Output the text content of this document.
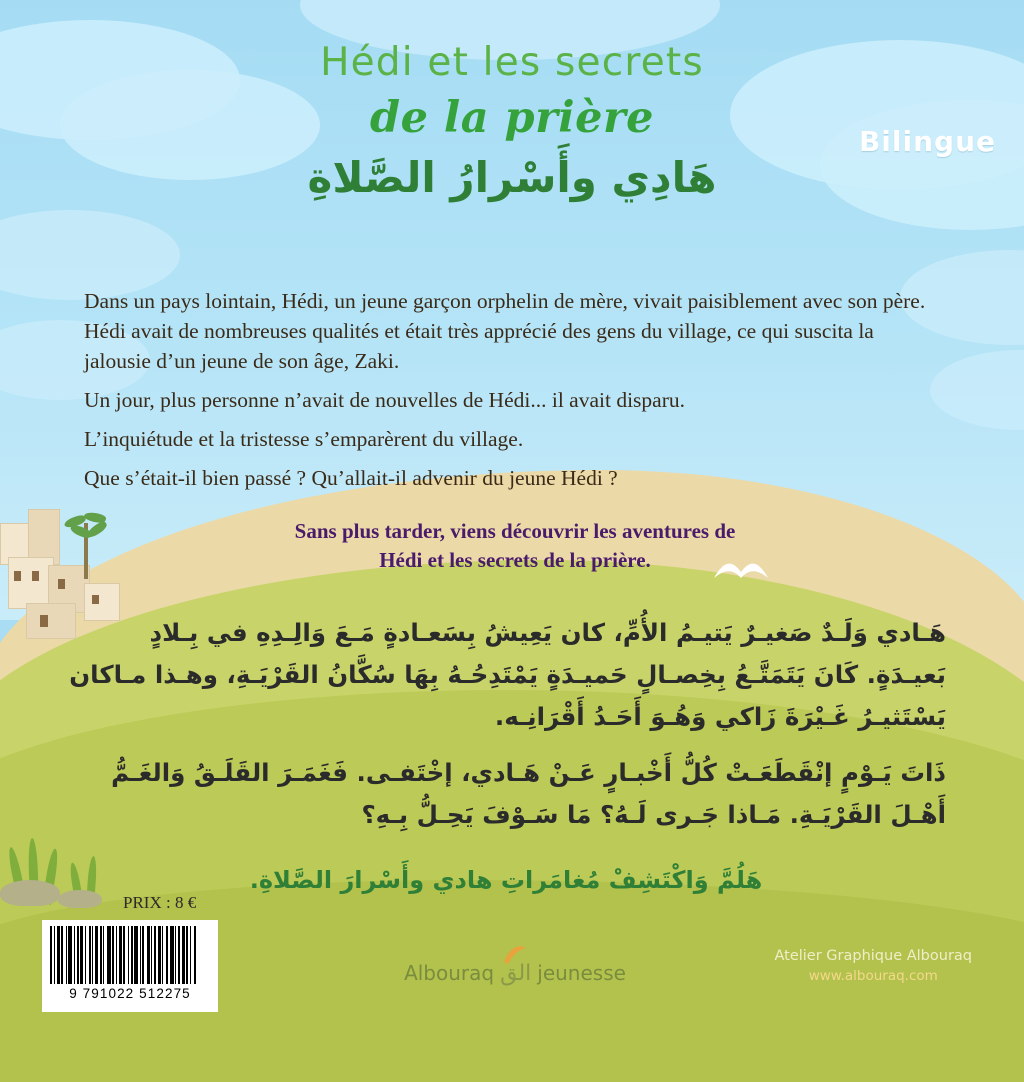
Hédi et les secrets
de la prière
هَادِي وأَسْرارُ الصَّلاةِ
Bilingue

Dans un pays lointain, Hédi, un jeune garçon orphelin de mère, vivait paisiblement avec son père. Hédi avait de nombreuses qualités et était très apprécié des gens du village, ce qui suscita la jalousie d’un jeune de son âge, Zaki.

Un jour, plus personne n’avait de nouvelles de Hédi... il avait disparu.

L’inquiétude et la tristesse s’emparèrent du village.

Que s’était-il bien passé ? Qu’allait-il advenir du jeune Hédi ?

Sans plus tarder, viens découvrir les aventures de
Hédi et les secrets de la prière.

هَـادي وَلَـدٌ صَغيـرٌ يَتيـمُ الأُمِّ، كان يَعِيشُ بِسَعـادةٍ مَـعَ وَالِـدِهِ في بِـلادٍ بَعيـدَةٍ. كَانَ يَتَمَتَّـعُ بِخِصـالٍ حَميـدَةٍ يَمْتَدِحُـهُ بِهَا سُكَّانُ القَرْيَـةِ، وهـذا مـاكان يَسْتَثيـرُ غَـيْرَةَ زَاكي وَهُـوَ أَحَـدُ أَقْرَانِـه.

ذَاتَ يَـوْمٍ إنْقَطَعَـتْ كُلُّ أَخْبـارٍ عَـنْ هَـادي، إخْتَفـى. فَغَمَـرَ القَلَـقُ وَالغَـمُّ أَهْـلَ القَرْيَـةِ. مَـاذا جَـرى لَـهُ؟ مَا سَـوْفَ يَحِـلُّ بِـهِ؟

هَلُمَّ وَاكْتَشِفْ مُغامَراتِ هادي وأَسْرارَ الصَّلاةِ.
PRIX : 8 €
9 791022 512275
Albouraq الق jeunesse
Atelier Graphique Albouraq
www.albouraq.com
